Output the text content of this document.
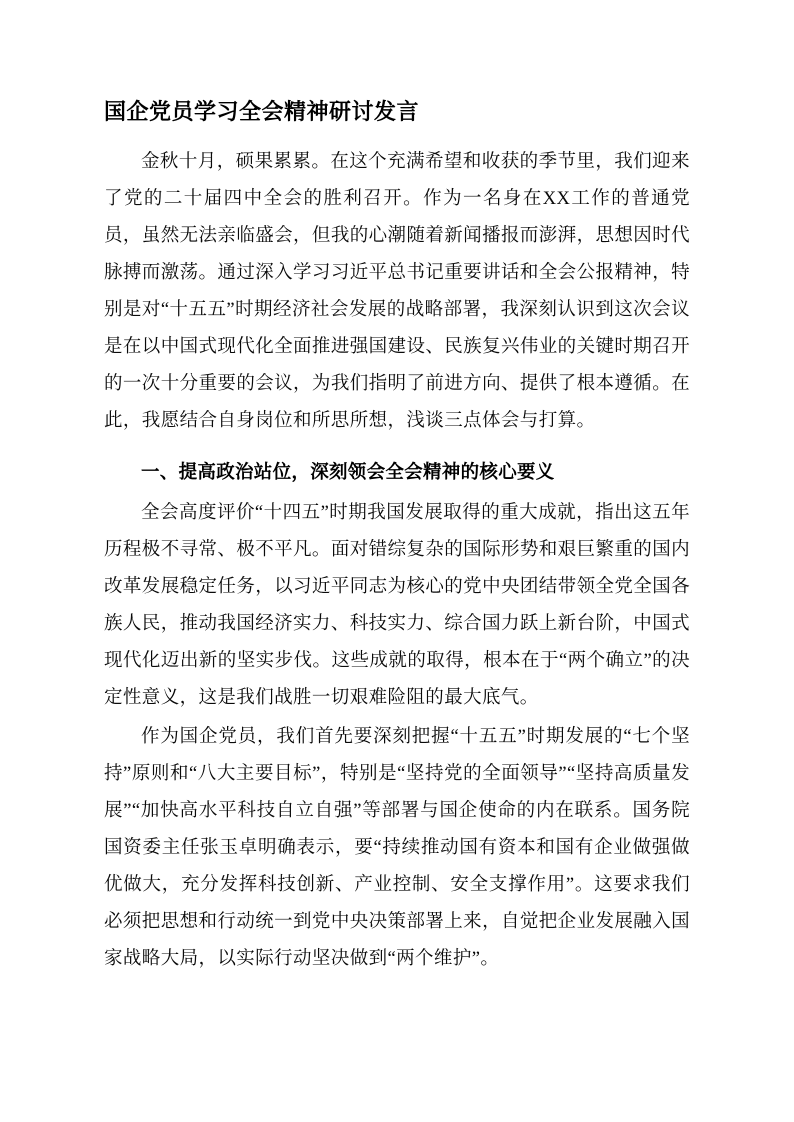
国企党员学习全会精神研讨发言

金秋十月，硕果累累。在这个充满希望和收获的季节里，我们迎来了党的二十届四中全会的胜利召开。作为一名身在XX工作的普通党员，虽然无法亲临盛会，但我的心潮随着新闻播报而澎湃，思想因时代脉搏而激荡。通过深入学习习近平总书记重要讲话和全会公报精神，特别是对“十五五”时期经济社会发展的战略部署，我深刻认识到这次会议是在以中国式现代化全面推进强国建设、民族复兴伟业的关键时期召开的一次十分重要的会议，为我们指明了前进方向、提供了根本遵循。在此，我愿结合自身岗位和所思所想，浅谈三点体会与打算。

一、提高政治站位，深刻领会全会精神的核心要义

全会高度评价“十四五”时期我国发展取得的重大成就，指出这五年历程极不寻常、极不平凡。面对错综复杂的国际形势和艰巨繁重的国内改革发展稳定任务，以习近平同志为核心的党中央团结带领全党全国各族人民，推动我国经济实力、科技实力、综合国力跃上新台阶，中国式现代化迈出新的坚实步伐。这些成就的取得，根本在于“两个确立”的决定性意义，这是我们战胜一切艰难险阻的最大底气。

作为国企党员，我们首先要深刻把握“十五五”时期发展的“七个坚持”原则和“八大主要目标”，特别是“坚持党的全面领导”“坚持高质量发展”“加快高水平科技自立自强”等部署与国企使命的内在联系。国务院国资委主任张玉卓明确表示，要“持续推动国有资本和国有企业做强做优做大，充分发挥科技创新、产业控制、安全支撑作用”。这要求我们必须把思想和行动统一到党中央决策部署上来，自觉把企业发展融入国家战略大局，以实际行动坚决做到“两个维护”。
